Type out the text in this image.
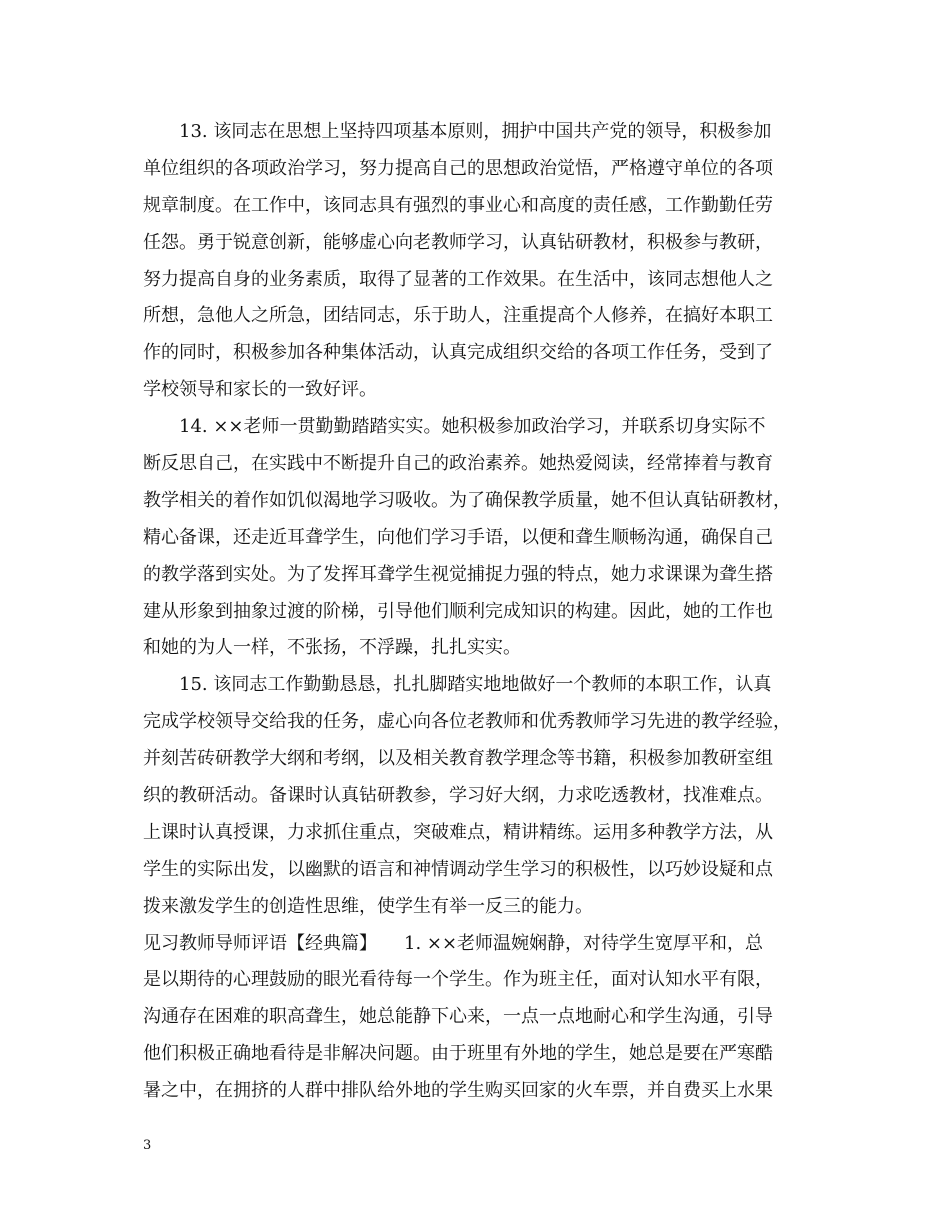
13. 该同志在思想上坚持四项基本原则，拥护中国共产党的领导，积极参加
单位组织的各项政治学习，努力提高自己的思想政治觉悟，严格遵守单位的各项
规章制度。在工作中，该同志具有强烈的事业心和高度的责任感，工作勤勤任劳
任怨。勇于锐意创新，能够虚心向老教师学习，认真钻研教材，积极参与教研，
努力提高自身的业务素质，取得了显著的工作效果。在生活中，该同志想他人之
所想，急他人之所急，团结同志，乐于助人，注重提高个人修养，在搞好本职工
作的同时，积极参加各种集体活动，认真完成组织交给的各项工作任务，受到了
学校领导和家长的一致好评。
14. ××老师一贯勤勤踏踏实实。她积极参加政治学习，并联系切身实际不
断反思自己，在实践中不断提升自己的政治素养。她热爱阅读，经常捧着与教育
教学相关的着作如饥似渴地学习吸收。为了确保教学质量，她不但认真钻研教材，
精心备课，还走近耳聋学生，向他们学习手语，以便和聋生顺畅沟通，确保自己
的教学落到实处。为了发挥耳聋学生视觉捕捉力强的特点，她力求课课为聋生搭
建从形象到抽象过渡的阶梯，引导他们顺利完成知识的构建。因此，她的工作也
和她的为人一样，不张扬，不浮躁，扎扎实实。
15. 该同志工作勤勤恳恳，扎扎脚踏实地地做好一个教师的本职工作，认真
完成学校领导交给我的任务，虚心向各位老教师和优秀教师学习先进的教学经验，
并刻苦砖研教学大纲和考纲，以及相关教育教学理念等书籍，积极参加教研室组
织的教研活动。备课时认真钻研教参，学习好大纲，力求吃透教材，找准难点。
上课时认真授课，力求抓住重点，突破难点，精讲精练。运用多种教学方法，从
学生的实际出发，以幽默的语言和神情调动学生学习的积极性，以巧妙设疑和点
拨来激发学生的创造性思维，使学生有举一反三的能力。
见习教师导师评语【经典篇】　　1. ××老师温婉娴静，对待学生宽厚平和，总
是以期待的心理鼓励的眼光看待每一个学生。作为班主任，面对认知水平有限，
沟通存在困难的职高聋生，她总能静下心来，一点一点地耐心和学生沟通，引导
他们积极正确地看待是非解决问题。由于班里有外地的学生，她总是要在严寒酷
暑之中，在拥挤的人群中排队给外地的学生购买回家的火车票，并自费买上水果
3
